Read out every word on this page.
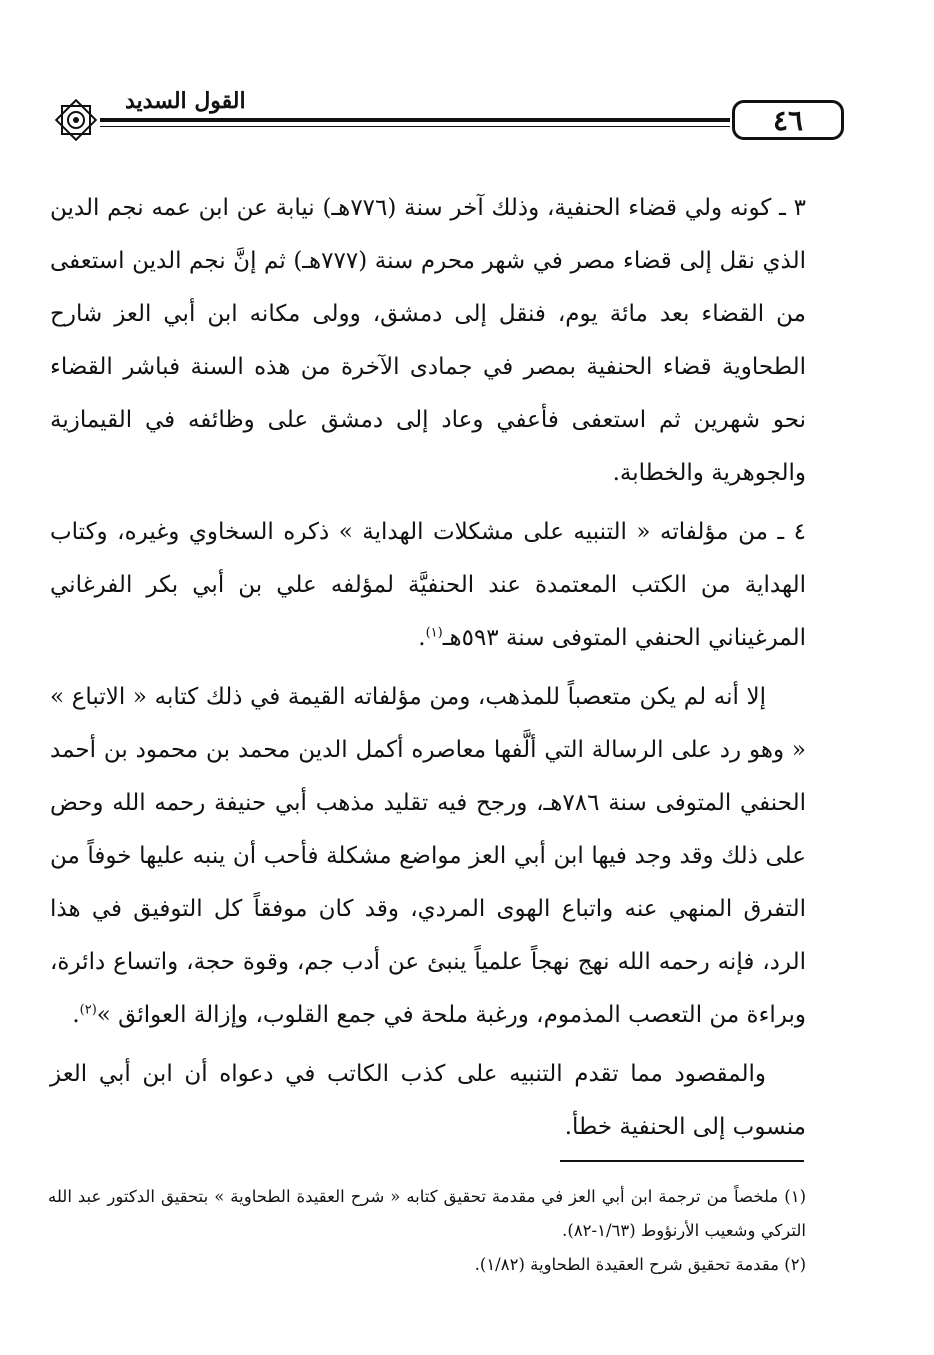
٤٦
القول السديد

٣ ـ كونه ولي قضاء الحنفية، وذلك آخر سنة (٧٧٦هـ) نيابة عن ابن عمه نجم الدين الذي نقل إلى قضاء مصر في شهر محرم سنة (٧٧٧هـ) ثم إنَّ نجم الدين استعفى من القضاء بعد مائة يوم، فنقل إلى دمشق، وولى مكانه ابن أبي العز شارح الطحاوية قضاء الحنفية بمصر في جمادى الآخرة من هذه السنة فباشر القضاء نحو شهرين ثم استعفى فأعفي وعاد إلى دمشق على وظائفه في القيمازية والجوهرية والخطابة.

٤ ـ من مؤلفاته « التنبيه على مشكلات الهداية » ذكره السخاوي وغيره، وكتاب الهداية من الكتب المعتمدة عند الحنفيَّة لمؤلفه علي بن أبي بكر الفرغاني المرغيناني الحنفي المتوفى سنة ٥٩٣هـ$^{(١)}$.

إلا أنه لم يكن متعصباً للمذهب، ومن مؤلفاته القيمة في ذلك كتابه « الاتباع » « وهو رد على الرسالة التي ألَّفها معاصره أكمل الدين محمد بن محمود بن أحمد الحنفي المتوفى سنة ٧٨٦هـ، ورجح فيه تقليد مذهب أبي حنيفة رحمه الله وحض على ذلك وقد وجد فيها ابن أبي العز مواضع مشكلة فأحب أن ينبه عليها خوفاً من التفرق المنهي عنه واتباع الهوى المردي، وقد كان موفقاً كل التوفيق في هذا الرد، فإنه رحمه الله نهج نهجاً علمياً ينبئ عن أدب جم، وقوة حجة، واتساع دائرة، وبراءة من التعصب المذموم، ورغبة ملحة في جمع القلوب، وإزالة العوائق »$^{(٢)}$.

والمقصود مما تقدم التنبيه على كذب الكاتب في دعواه أن ابن أبي العز منسوب إلى الحنفية خطأ.

(١) ملخصاً من ترجمة ابن أبي العز في مقدمة تحقيق كتابه « شرح العقيدة الطحاوية » بتحقيق الدكتور عبد الله التركي وشعيب الأرنؤوط (١/٦٣-٨٢).

(٢) مقدمة تحقيق شرح العقيدة الطحاوية (١/٨٢).
